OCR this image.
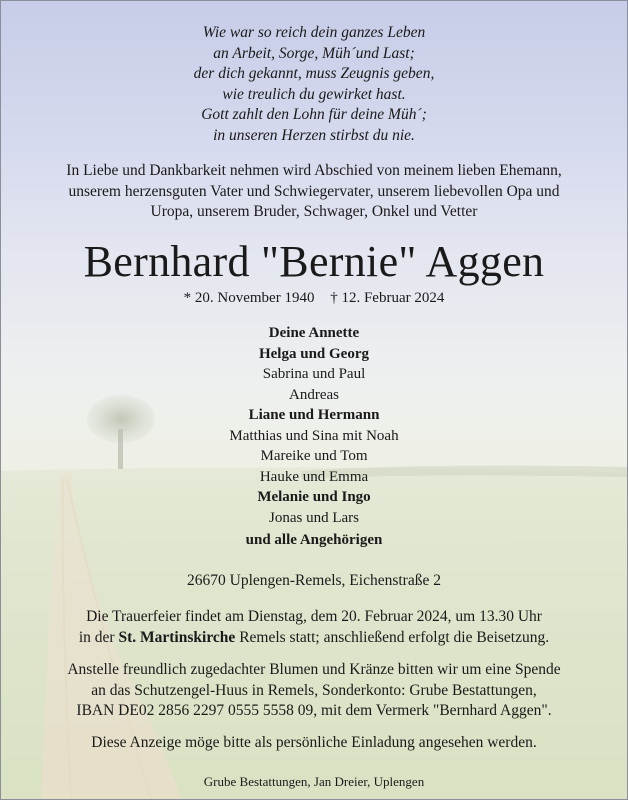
Wie war so reich dein ganzes Leben
an Arbeit, Sorge, Müh´und Last;
der dich gekannt, muss Zeugnis geben,
wie treulich du gewirket hast.
Gott zahlt den Lohn für deine Müh´;
in unseren Herzen stirbst du nie.
In Liebe und Dankbarkeit nehmen wird Abschied von meinem lieben Ehemann,
unserem herzensguten Vater und Schwiegervater, unserem liebevollen Opa und
Uropa, unserem Bruder, Schwager, Onkel und Vetter
Bernhard "Bernie" Aggen
* 20. November 1940 † 12. Februar 2024
Deine Annette
Helga und Georg
Sabrina und Paul
Andreas
Liane und Hermann
Matthias und Sina mit Noah
Mareike und Tom
Hauke und Emma
Melanie und Ingo
Jonas und Lars
und alle Angehörigen
26670 Uplengen-Remels, Eichenstraße 2
Die Trauerfeier findet am Dienstag, dem 20. Februar 2024, um 13.30 Uhr
in der St. Martinskirche Remels statt; anschließend erfolgt die Beisetzung.
Anstelle freundlich zugedachter Blumen und Kränze bitten wir um eine Spende
an das Schutzengel-Huus in Remels, Sonderkonto: Grube Bestattungen,
IBAN DE02 2856 2297 0555 5558 09, mit dem Vermerk "Bernhard Aggen".
Diese Anzeige möge bitte als persönliche Einladung angesehen werden.
Grube Bestattungen, Jan Dreier, Uplengen
